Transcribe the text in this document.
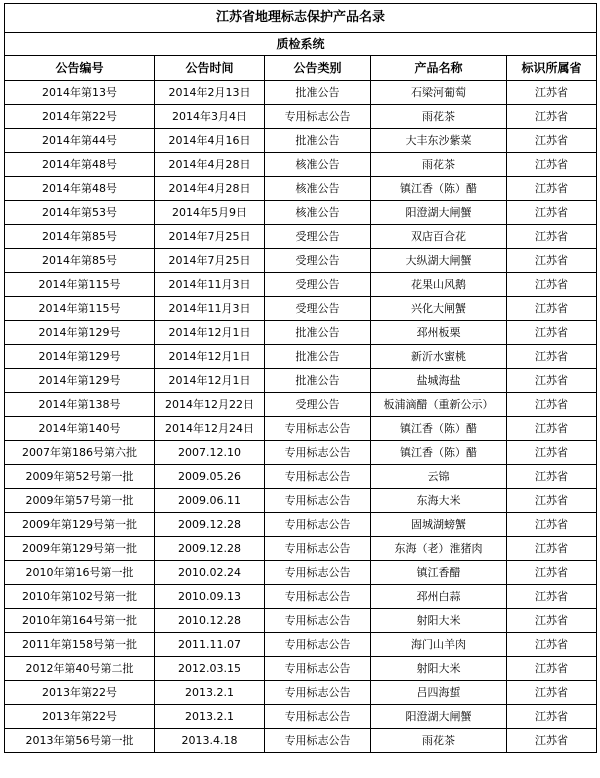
江苏省地理标志保护产品名录				
质检系统				
公告编号	公告时间	公告类别	产品名称	标识所属省
2014年第13号	2014年2月13日	批准公告	石梁河葡萄	江苏省
2014年第22号	2014年3月4日	专用标志公告	雨花茶	江苏省
2014年第44号	2014年4月16日	批准公告	大丰东沙紫菜	江苏省
2014年第48号	2014年4月28日	核准公告	雨花茶	江苏省
2014年第48号	2014年4月28日	核准公告	镇江香（陈）醋	江苏省
2014年第53号	2014年5月9日	核准公告	阳澄湖大闸蟹	江苏省
2014年第85号	2014年7月25日	受理公告	双店百合花	江苏省
2014年第85号	2014年7月25日	受理公告	大纵湖大闸蟹	江苏省
2014年第115号	2014年11月3日	受理公告	花果山风鹅	江苏省
2014年第115号	2014年11月3日	受理公告	兴化大闸蟹	江苏省
2014年第129号	2014年12月1日	批准公告	邳州板栗	江苏省
2014年第129号	2014年12月1日	批准公告	新沂水蜜桃	江苏省
2014年第129号	2014年12月1日	批准公告	盐城海盐	江苏省
2014年第138号	2014年12月22日	受理公告	板浦滴醋（重新公示）	江苏省
2014年第140号	2014年12月24日	专用标志公告	镇江香（陈）醋	江苏省
2007年第186号第六批	2007.12.10	专用标志公告	镇江香（陈）醋	江苏省
2009年第52号第一批	2009.05.26	专用标志公告	云锦	江苏省
2009年第57号第一批	2009.06.11	专用标志公告	东海大米	江苏省
2009年第129号第一批	2009.12.28	专用标志公告	固城湖螃蟹	江苏省
2009年第129号第一批	2009.12.28	专用标志公告	东海（老）淮猪肉	江苏省
2010年第16号第一批	2010.02.24	专用标志公告	镇江香醋	江苏省
2010年第102号第一批	2010.09.13	专用标志公告	邳州白蒜	江苏省
2010年第164号第一批	2010.12.28	专用标志公告	射阳大米	江苏省
2011年第158号第一批	2011.11.07	专用标志公告	海门山羊肉	江苏省
2012年第40号第二批	2012.03.15	专用标志公告	射阳大米	江苏省
2013年第22号	2013.2.1	专用标志公告	吕四海蜇	江苏省
2013年第22号	2013.2.1	专用标志公告	阳澄湖大闸蟹	江苏省
2013年第56号第一批	2013.4.18	专用标志公告	雨花茶	江苏省
